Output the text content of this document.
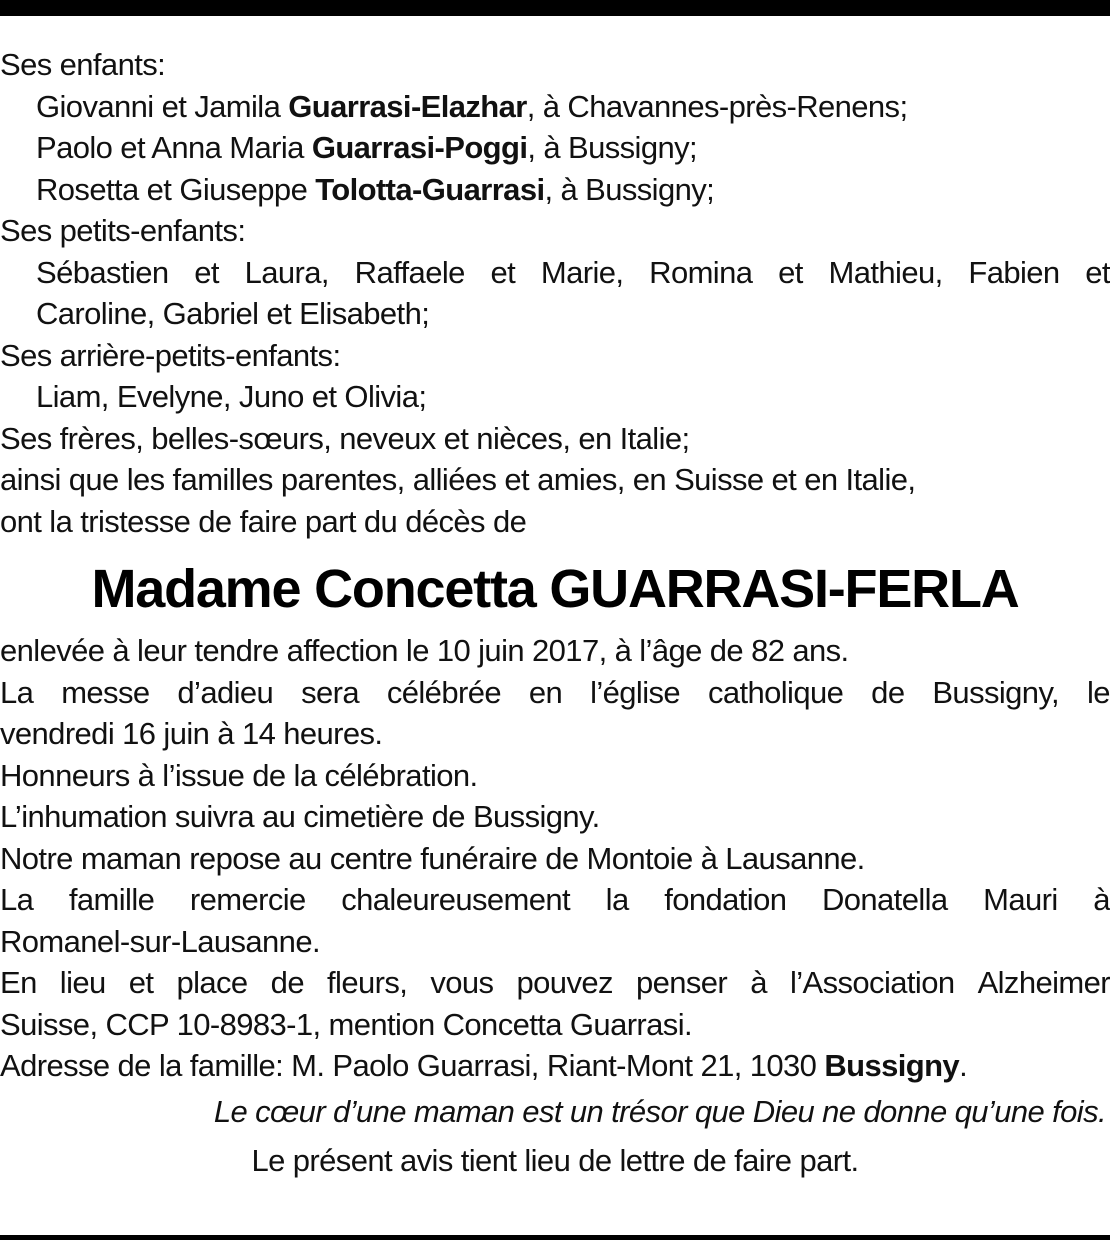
Ses enfants:
Giovanni et Jamila Guarrasi-Elazhar, à Chavannes-près-Renens;
Paolo et Anna Maria Guarrasi-Poggi, à Bussigny;
Rosetta et Giuseppe Tolotta-Guarrasi, à Bussigny;
Ses petits-enfants:
Sébastien et Laura, Raffaele et Marie, Romina et Mathieu, Fabien et
Caroline, Gabriel et Elisabeth;
Ses arrière-petits-enfants:
Liam, Evelyne, Juno et Olivia;
Ses frères, belles-sœurs, neveux et nièces, en Italie;
ainsi que les familles parentes, alliées et amies, en Suisse et en Italie,
ont la tristesse de faire part du décès de
Madame Concetta GUARRASI-FERLA
enlevée à leur tendre affection le 10 juin 2017, à l’âge de 82 ans.
La messe d’adieu sera célébrée en l’église catholique de Bussigny, le
vendredi 16 juin à 14 heures.
Honneurs à l’issue de la célébration.
L’inhumation suivra au cimetière de Bussigny.
Notre maman repose au centre funéraire de Montoie à Lausanne.
La famille remercie chaleureusement la fondation Donatella Mauri à
Romanel-sur-Lausanne.
En lieu et place de fleurs, vous pouvez penser à l’Association Alzheimer
Suisse, CCP 10-8983-1, mention Concetta Guarrasi.
Adresse de la famille: M. Paolo Guarrasi, Riant-Mont 21, 1030 Bussigny.
Le cœur d’une maman est un trésor que Dieu ne donne qu’une fois.
Le présent avis tient lieu de lettre de faire part.
